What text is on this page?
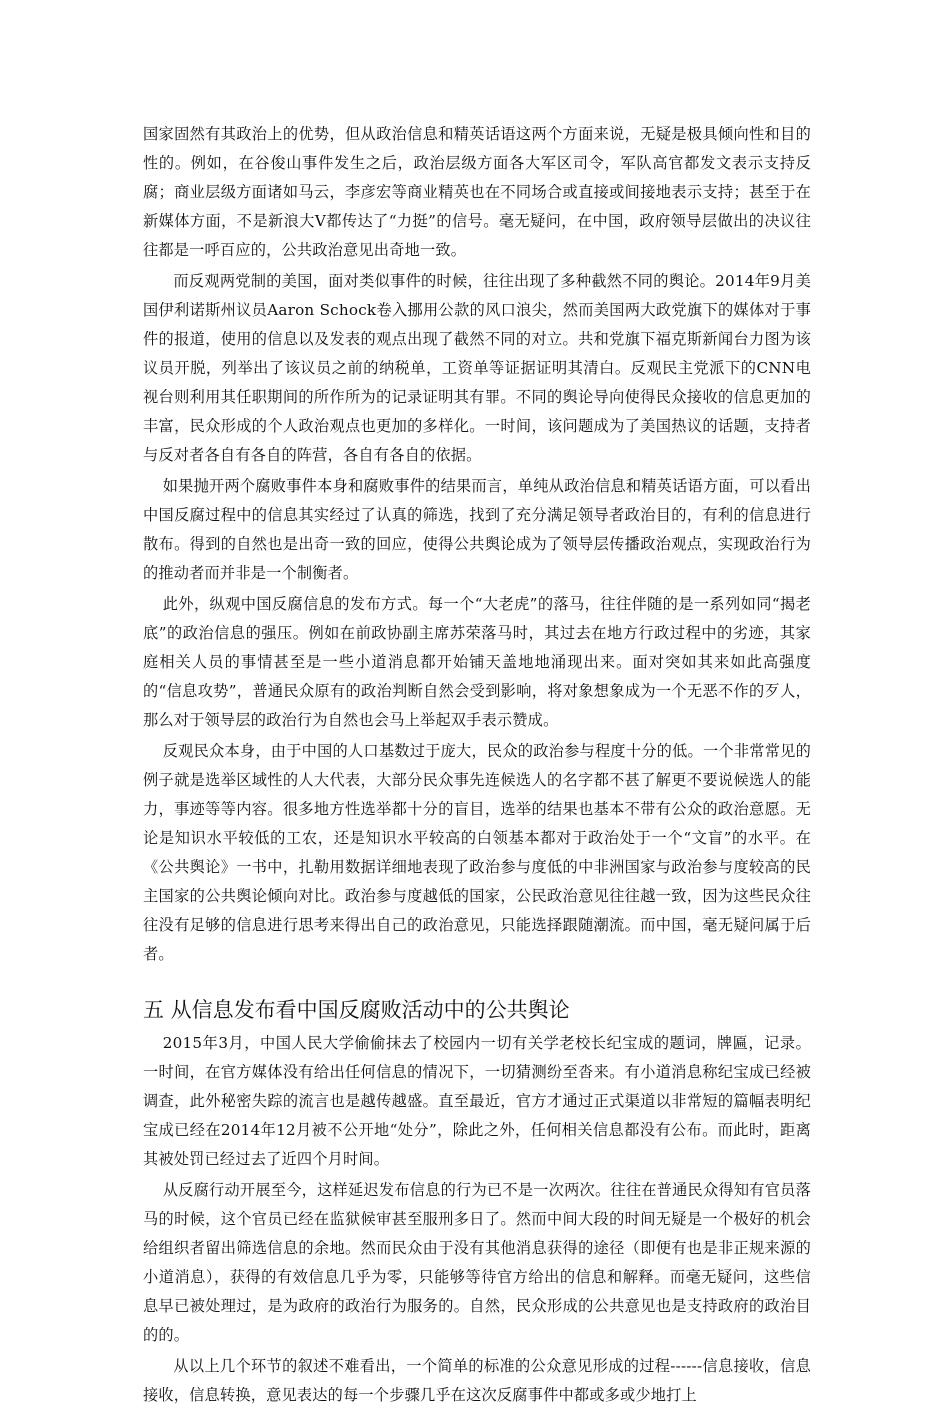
国家固然有其政治上的优势，但从政治信息和精英话语这两个方面来说，无疑是极具倾向性和目的性的。例如，在谷俊山事件发生之后，政治层级方面各大军区司令，军队高官都发文表示支持反腐；商业层级方面诸如马云，李彦宏等商业精英也在不同场合或直接或间接地表示支持；甚至于在新媒体方面，不是新浪大V都传达了“力挺”的信号。毫无疑问，在中国，政府领导层做出的决议往往都是一呼百应的，公共政治意见出奇地一致。

而反观两党制的美国，面对类似事件的时候，往往出现了多种截然不同的舆论。2014年9月美国伊利诺斯州议员Aaron Schock卷入挪用公款的风口浪尖，然而美国两大政党旗下的媒体对于事件的报道，使用的信息以及发表的观点出现了截然不同的对立。共和党旗下福克斯新闻台力图为该议员开脱，列举出了该议员之前的纳税单，工资单等证据证明其清白。反观民主党派下的CNN电视台则利用其任职期间的所作所为的记录证明其有罪。不同的舆论导向使得民众接收的信息更加的丰富，民众形成的个人政治观点也更加的多样化。一时间，该问题成为了美国热议的话题，支持者与反对者各自有各自的阵营，各自有各自的依据。

如果抛开两个腐败事件本身和腐败事件的结果而言，单纯从政治信息和精英话语方面，可以看出中国反腐过程中的信息其实经过了认真的筛选，找到了充分满足领导者政治目的，有利的信息进行散布。得到的自然也是出奇一致的回应，使得公共舆论成为了领导层传播政治观点，实现政治行为的推动者而并非是一个制衡者。

此外，纵观中国反腐信息的发布方式。每一个“大老虎”的落马，往往伴随的是一系列如同“揭老底”的政治信息的强压。例如在前政协副主席苏荣落马时，其过去在地方行政过程中的劣迹，其家庭相关人员的事情甚至是一些小道消息都开始铺天盖地地涌现出来。面对突如其来如此高强度的“信息攻势”，普通民众原有的政治判断自然会受到影响，将对象想象成为一个无恶不作的歹人，那么对于领导层的政治行为自然也会马上举起双手表示赞成。

反观民众本身，由于中国的人口基数过于庞大，民众的政治参与程度十分的低。一个非常常见的例子就是选举区域性的人大代表，大部分民众事先连候选人的名字都不甚了解更不要说候选人的能力，事迹等等内容。很多地方性选举都十分的盲目，选举的结果也基本不带有公众的政治意愿。无论是知识水平较低的工农，还是知识水平较高的白领基本都对于政治处于一个“文盲”的水平。在《公共舆论》一书中，扎勒用数据详细地表现了政治参与度低的中非洲国家与政治参与度较高的民主国家的公共舆论倾向对比。政治参与度越低的国家，公民政治意见往往越一致，因为这些民众往往没有足够的信息进行思考来得出自己的政治意见，只能选择跟随潮流。而中国，毫无疑问属于后者。

五 从信息发布看中国反腐败活动中的公共舆论

2015年3月，中国人民大学偷偷抹去了校园内一切有关学老校长纪宝成的题词，牌匾，记录。一时间，在官方媒体没有给出任何信息的情况下，一切猜测纷至沓来。有小道消息称纪宝成已经被调查，此外秘密失踪的流言也是越传越盛。直至最近，官方才通过正式渠道以非常短的篇幅表明纪宝成已经在2014年12月被不公开地“处分”，除此之外，任何相关信息都没有公布。而此时，距离其被处罚已经过去了近四个月时间。

从反腐行动开展至今，这样延迟发布信息的行为已不是一次两次。往往在普通民众得知有官员落马的时候，这个官员已经在监狱候审甚至服刑多日了。然而中间大段的时间无疑是一个极好的机会给组织者留出筛选信息的余地。然而民众由于没有其他消息获得的途径（即便有也是非正规来源的小道消息），获得的有效信息几乎为零，只能够等待官方给出的信息和解释。而毫无疑问，这些信息早已被处理过，是为政府的政治行为服务的。自然，民众形成的公共意见也是支持政府的政治目的的。

从以上几个环节的叙述不难看出，一个简单的标准的公众意见形成的过程------信息接收，信息接收，信息转换，意见表达的每一个步骤几乎在这次反腐事件中都或多或少地打上
